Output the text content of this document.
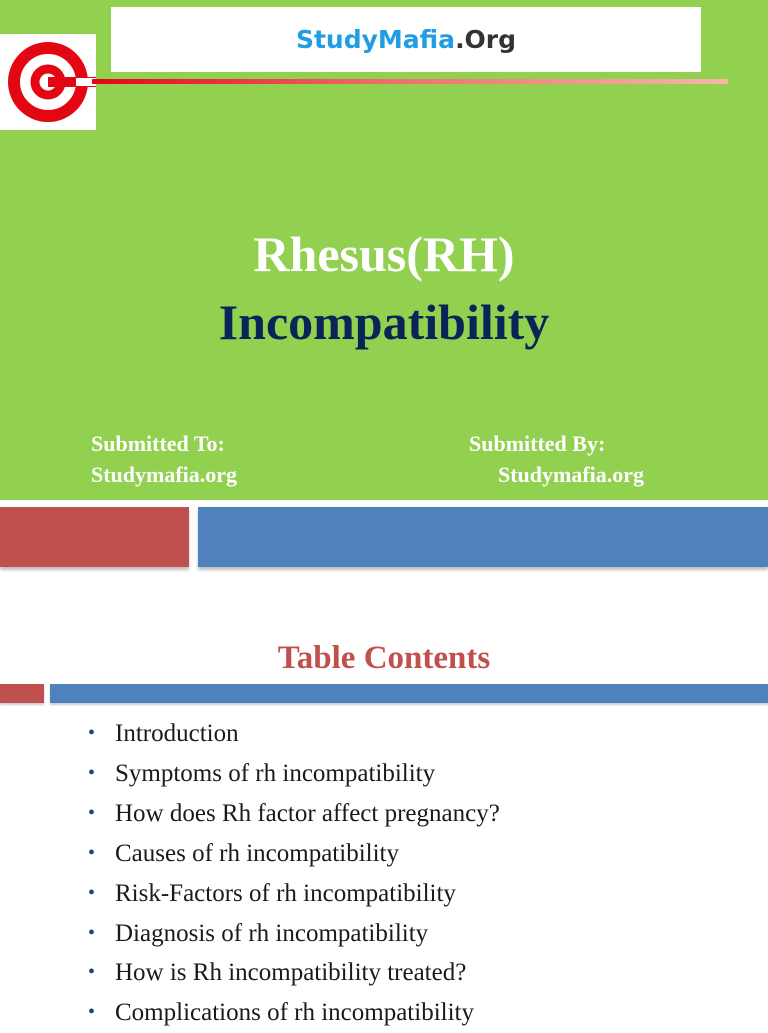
StudyMafia .Org
Rhesus(RH)
Incompatibility
Submitted To:
Studymafia.org
Submitted By:
Studymafia.org
Table Contents
• Introduction
• Symptoms of rh incompatibility
• How does Rh factor affect pregnancy?
• Causes of rh incompatibility
• Risk-Factors of rh incompatibility
• Diagnosis of rh incompatibility
• How is Rh incompatibility treated?
• Complications of rh incompatibility
